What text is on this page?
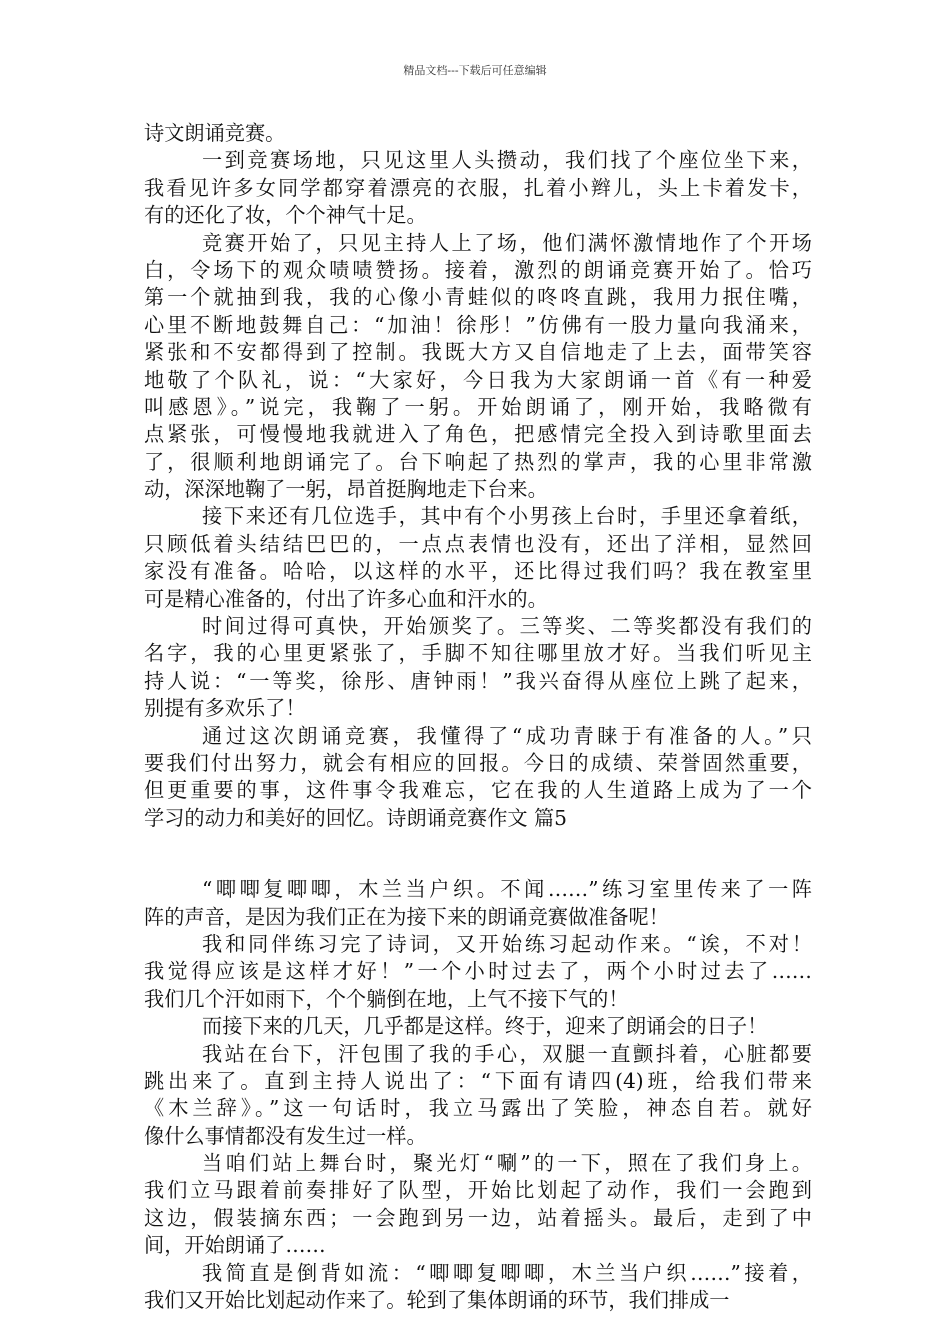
精品文档---下载后可任意编辑
诗文朗诵竞赛。
一到竞赛场地，只见这里人头攒动，我们找了个座位坐下来，
我看见许多女同学都穿着漂亮的衣服，扎着小辫儿，头上卡着发卡，
有的还化了妆，个个神气十足。
竞赛开始了，只见主持人上了场，他们满怀激情地作了个开场
白，令场下的观众啧啧赞扬。接着，激烈的朗诵竞赛开始了。恰巧
第一个就抽到我，我的心像小青蛙似的咚咚直跳，我用力抿住嘴，
心里不断地鼓舞自己：“加油！徐彤！”仿佛有一股力量向我涌来，
紧张和不安都得到了控制。我既大方又自信地走了上去，面带笑容
地敬了个队礼，说：“大家好，今日我为大家朗诵一首《有一种爱
叫感恩》。”说完，我鞠了一躬。开始朗诵了，刚开始，我略微有
点紧张，可慢慢地我就进入了角色，把感情完全投入到诗歌里面去
了，很顺利地朗诵完了。台下响起了热烈的掌声，我的心里非常激
动，深深地鞠了一躬，昂首挺胸地走下台来。
接下来还有几位选手，其中有个小男孩上台时，手里还拿着纸，
只顾低着头结结巴巴的，一点点表情也没有，还出了洋相，显然回
家没有准备。哈哈，以这样的水平，还比得过我们吗？我在教室里
可是精心准备的，付出了许多心血和汗水的。
时间过得可真快，开始颁奖了。三等奖、二等奖都没有我们的
名字，我的心里更紧张了，手脚不知往哪里放才好。当我们听见主
持人说：“一等奖，徐彤、唐钟雨！”我兴奋得从座位上跳了起来，
别提有多欢乐了！
通过这次朗诵竞赛，我懂得了“成功青睐于有准备的人。”只
要我们付出努力，就会有相应的回报。今日的成绩、荣誉固然重要，
但更重要的事，这件事令我难忘，它在我的人生道路上成为了一个
学习的动力和美好的回忆。诗朗诵竞赛作文 篇5
“唧唧复唧唧，木兰当户织。不闻……”练习室里传来了一阵
阵的声音，是因为我们正在为接下来的朗诵竞赛做准备呢！
我和同伴练习完了诗词，又开始练习起动作来。“诶，不对！
我觉得应该是这样才好！”一个小时过去了，两个小时过去了……
我们几个汗如雨下，个个躺倒在地，上气不接下气的！
而接下来的几天，几乎都是这样。终于，迎来了朗诵会的日子！
我站在台下，汗包围了我的手心，双腿一直颤抖着，心脏都要
跳出来了。直到主持人说出了：“下面有请四(4)班，给我们带来
《木兰辞》。”这一句话时，我立马露出了笑脸，神态自若。就好
像什么事情都没有发生过一样。
当咱们站上舞台时，聚光灯“唰”的一下，照在了我们身上。
我们立马跟着前奏排好了队型，开始比划起了动作，我们一会跑到
这边，假装摘东西；一会跑到另一边，站着摇头。最后，走到了中
间，开始朗诵了……
我简直是倒背如流：“唧唧复唧唧，木兰当户织……”接着，
我们又开始比划起动作来了。轮到了集体朗诵的环节，我们排成一
